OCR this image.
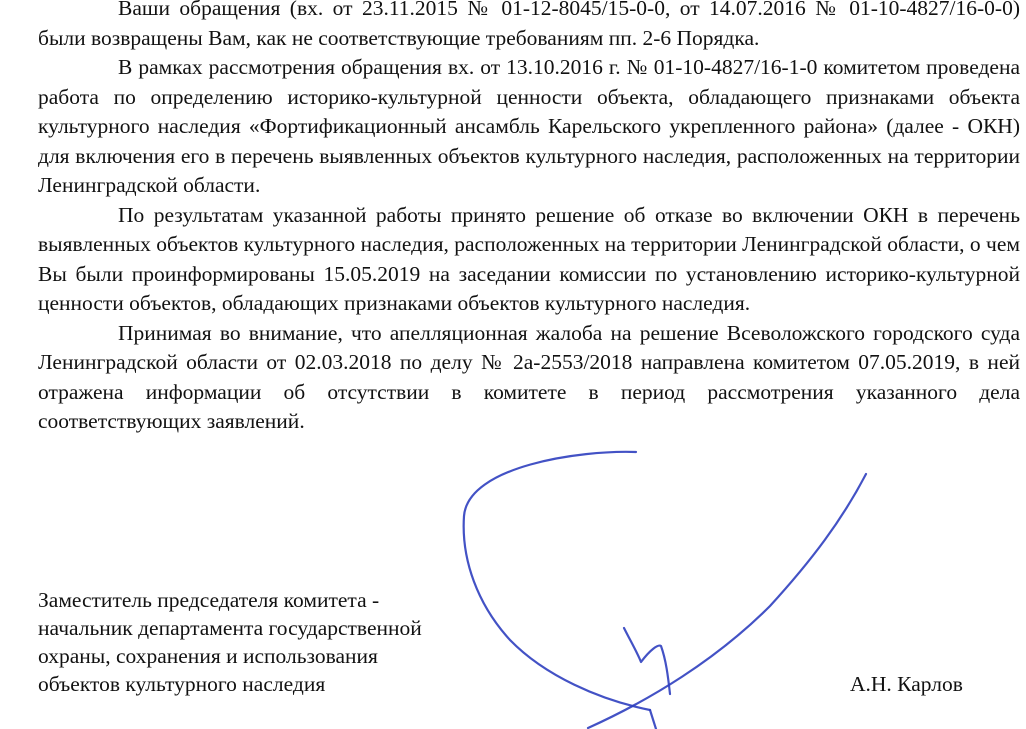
Ваши обращения (вх. от 23.11.2015 № 01-12-8045/15-0-0, от 14.07.2016 № 01-10-4827/16-0-0) были возвращены Вам, как не соответствующие требованиям пп. 2-6 Порядка.

В рамках рассмотрения обращения вх. от 13.10.2016 г. № 01-10-4827/16-1-0 комитетом проведена работа по определению историко-культурной ценности объекта, обладающего признаками объекта культурного наследия «Фортификационный ансамбль Карельского укрепленного района» (далее - ОКН) для включения его в перечень выявленных объектов культурного наследия, расположенных на территории Ленинградской области.

По результатам указанной работы принято решение об отказе во включении ОКН в перечень выявленных объектов культурного наследия, расположенных на территории Ленинградской области, о чем Вы были проинформированы 15.05.2019 на заседании комиссии по установлению историко-культурной ценности объектов, обладающих признаками объектов культурного наследия.

Принимая во внимание, что апелляционная жалоба на решение Всеволожского городского суда Ленинградской области от 02.03.2018 по делу № 2а-2553/2018 направлена комитетом 07.05.2019, в ней отражена информации об отсутствии в комитете в период рассмотрения указанного дела соответствующих заявлений.

Заместитель председателя комитета -
начальник департамента государственной
охраны, сохранения и использования
объектов культурного наследия	А.Н. Карлов
